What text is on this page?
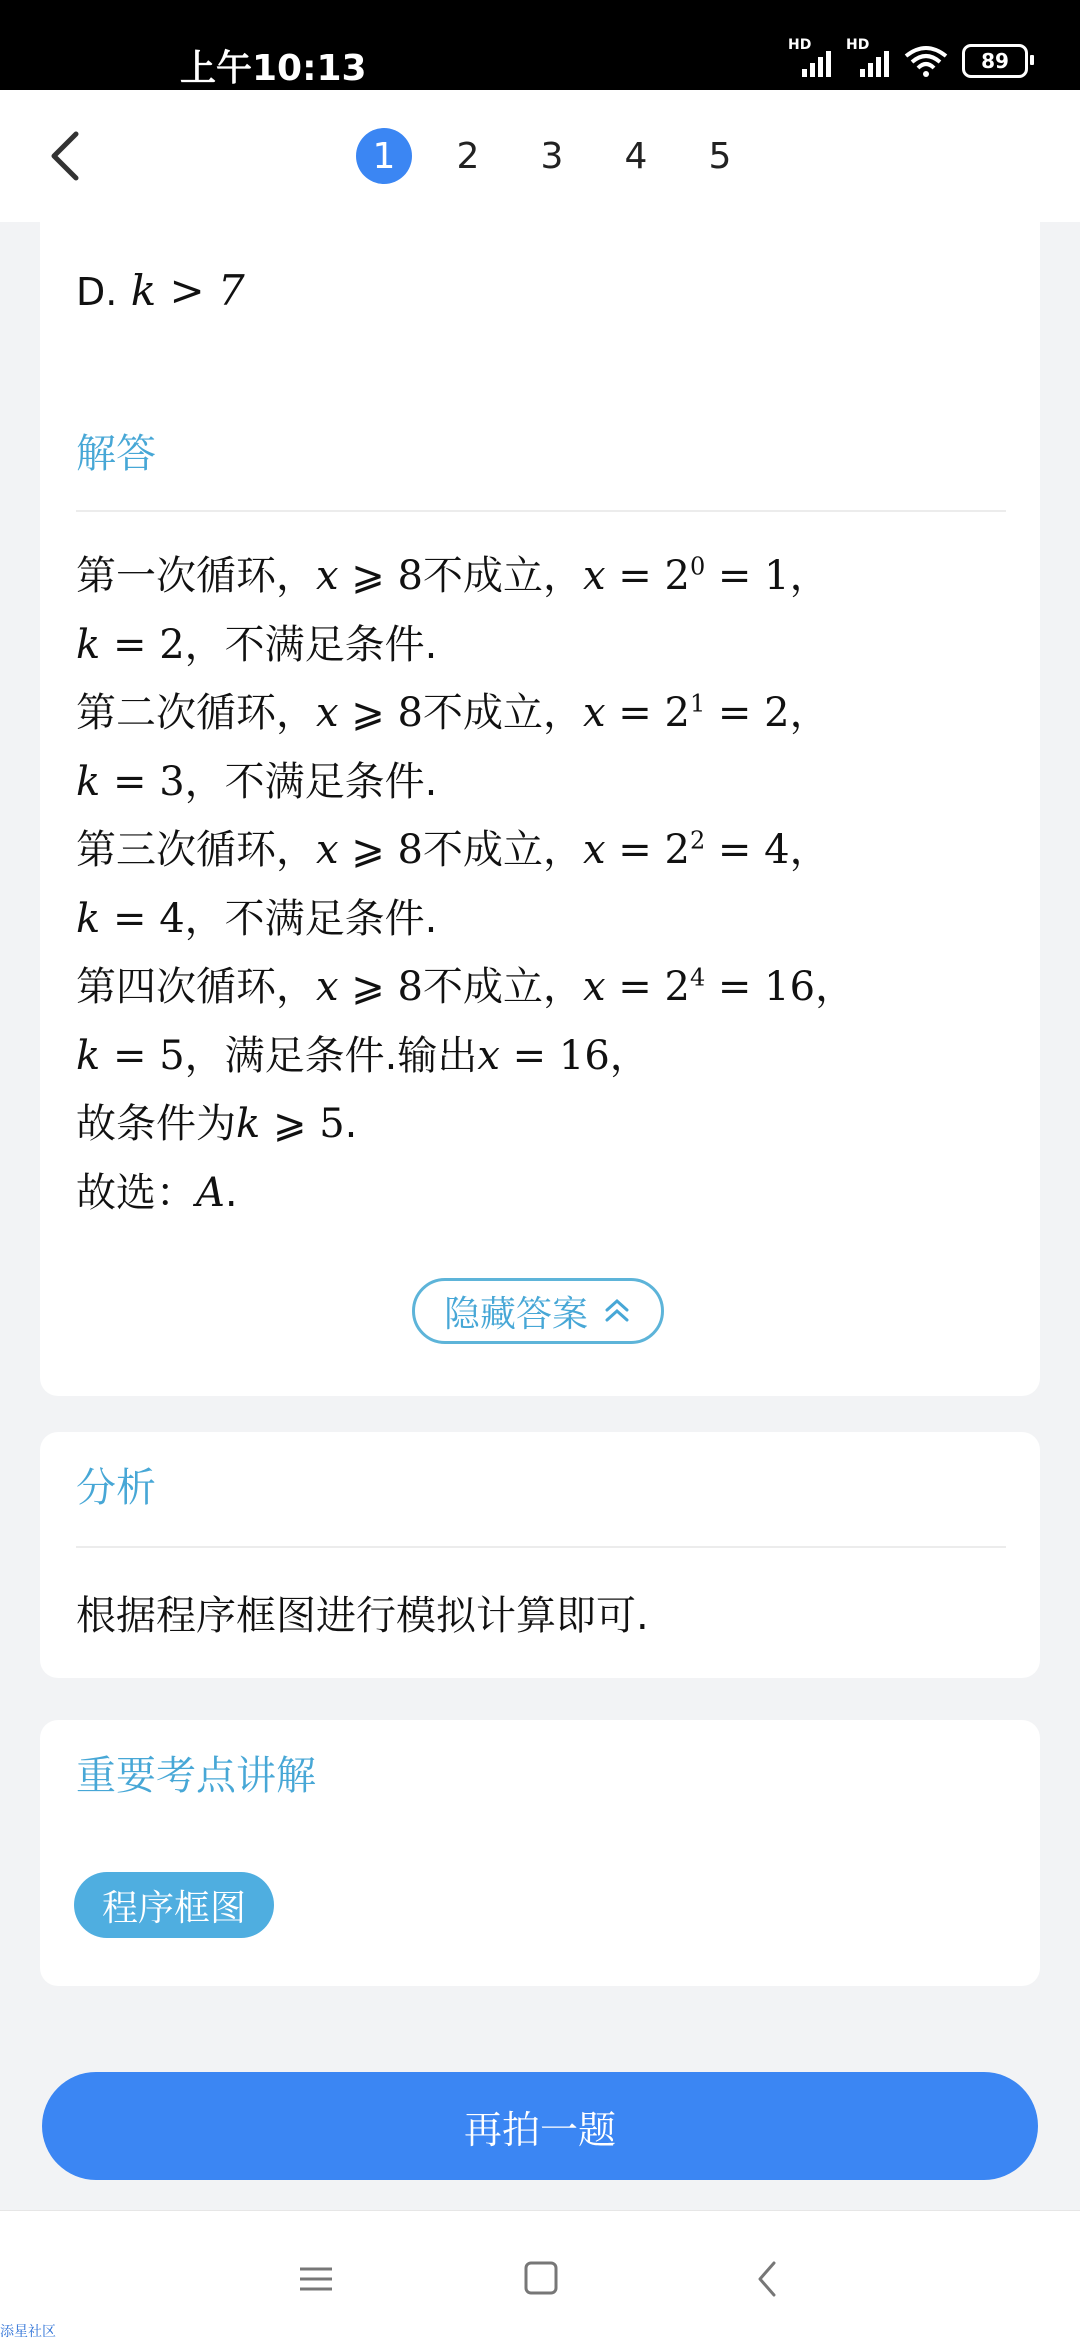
上午10:13
HD HD
89
1	2	3	4	5
D. k > 7
解答
第一次循环，x ⩾ 8不成立，$x = 2^0 = 1$，
k = 2，不满足条件.
第二次循环，x ⩾ 8不成立，$x = 2^1 = 2$，
k = 3，不满足条件.
第三次循环，x ⩾ 8不成立，$x = 2^2 = 4$，
k = 4，不满足条件.
第四次循环，x ⩾ 8不成立，$x = 2^4 = 16$，
k = 5，满足条件.输出x = 16，
故条件为k ⩾ 5.
故选：A.
隐藏答案
分析
根据程序框图进行模拟计算即可.
重要考点讲解
程序框图
再拍一题
添星社区
